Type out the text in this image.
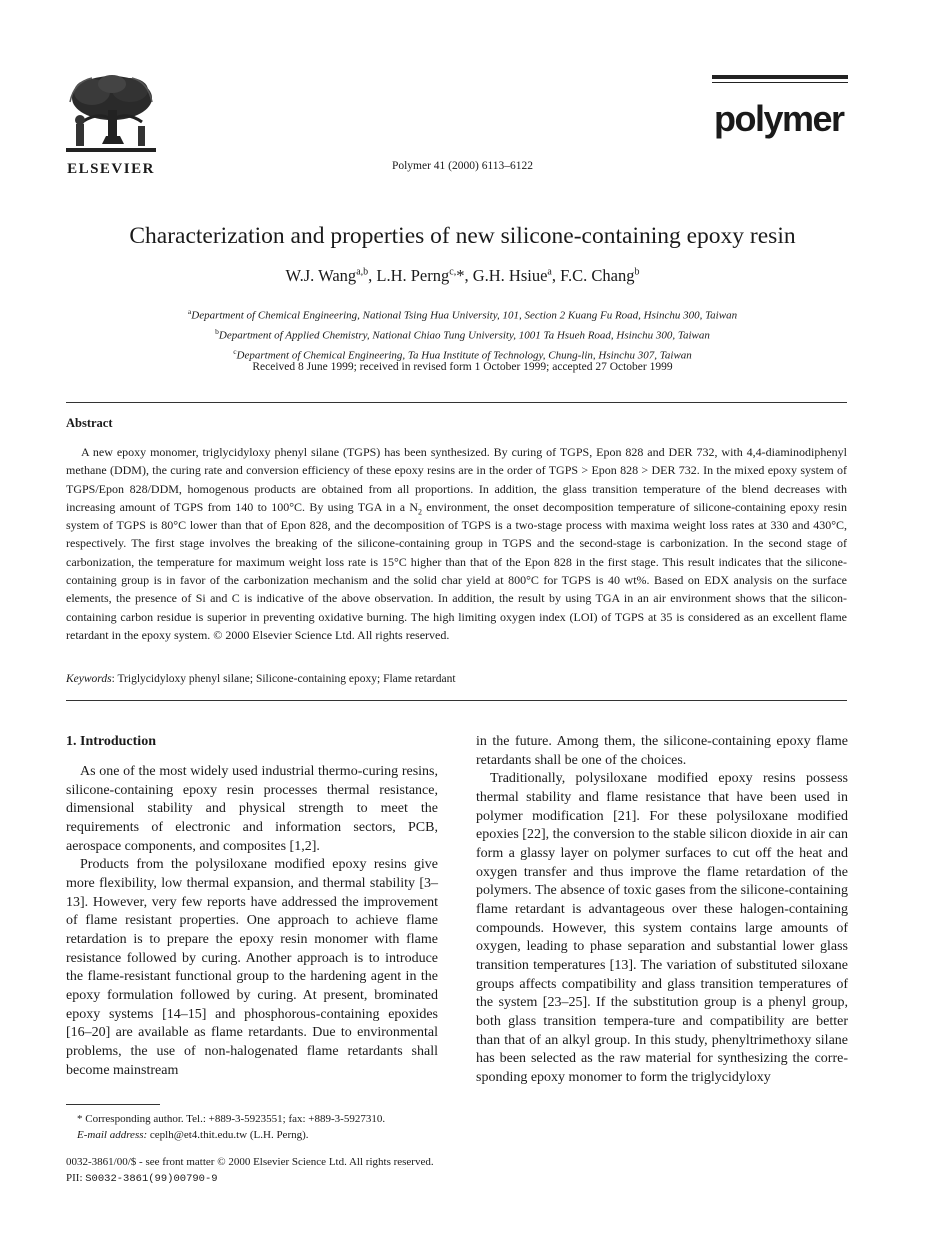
ELSEVIER	Polymer 41 (2000) 6113–6122
polymer
Characterization and properties of new silicone-containing epoxy resin
W.J. Wang$^{a,b}$, L.H. Perng$^{c,}$*, G.H. Hsiue$^a$, F.C. Chang$^b$
$^a$Department of Chemical Engineering, National Tsing Hua University, 101, Section 2 Kuang Fu Road, Hsinchu 300, Taiwan
$^b$Department of Applied Chemistry, National Chiao Tung University, 1001 Ta Hsueh Road, Hsinchu 300, Taiwan
$^c$Department of Chemical Engineering, Ta Hua Institute of Technology, Chung-lin, Hsinchu 307, Taiwan
Received 8 June 1999; received in revised form 1 October 1999; accepted 27 October 1999
Abstract

A new epoxy monomer, triglycidyloxy phenyl silane (TGPS) has been synthesized. By curing of TGPS, Epon 828 and DER 732, with 4,4-diaminodiphenyl methane (DDM), the curing rate and conversion efficiency of these epoxy resins are in the order of TGPS > Epon 828 > DER 732. In the mixed epoxy system of TGPS/Epon 828/DDM, homogenous products are obtained from all proportions. In addition, the glass transition temperature of the blend decreases with increasing amount of TGPS from 140 to 100°C. By using TGA in a $N_2$ environment, the onset decomposition temperature of silicone-containing epoxy resin system of TGPS is 80°C lower than that of Epon 828, and the decomposition of TGPS is a two-stage process with maxima weight loss rates at 330 and 430°C, respectively. The first stage involves the breaking of the silicone-containing group in TGPS and the second-stage is carbonization. In the second stage of carbonization, the temperature for maximum weight loss rate is 15°C higher than that of the Epon 828 in the first stage. This result indicates that the silicone-containing group is in favor of the carbonization mechanism and the solid char yield at 800°C for TGPS is 40 wt%. Based on EDX analysis on the surface elements, the presence of Si and C is indicative of the above observation. In addition, the result by using TGA in an air environment shows that the silicon-containing carbon residue is superior in preventing oxidative burning. The high limiting oxygen index (LOI) of TGPS at 35 is considered as an excellent flame retardant in the epoxy system. © 2000 Elsevier Science Ltd. All rights reserved.

Keywords: Triglycidyloxy phenyl silane; Silicone-containing epoxy; Flame retardant
1. Introduction

As one of the most widely used industrial thermo-curing resins, silicone-containing epoxy resin processes thermal resistance, dimensional stability and physical strength to meet the requirements of electronic and information sectors, PCB, aerospace components, and composites [1,2].

Products from the polysiloxane modified epoxy resins give more flexibility, low thermal expansion, and thermal stability [3–13]. However, very few reports have addressed the improvement of flame resistant properties. One approach to achieve flame retardation is to prepare the epoxy resin monomer with flame resistance followed by curing. Another approach is to introduce the flame-resistant functional group to the hardening agent in the epoxy formulation followed by curing. At present, brominated epoxy systems [14–15] and phosphorous-containing epoxides [16–20] are available as flame retardants. Due to environmental problems, the use of non-halogenated flame retardants shall become mainstream

in the future. Among them, the silicone-containing epoxy flame retardants shall be one of the choices.

Traditionally, polysiloxane modified epoxy resins possess thermal stability and flame resistance that have been used in polymer modification [21]. For these polysiloxane modified epoxies [22], the conversion to the stable silicon dioxide in air can form a glassy layer on polymer surfaces to cut off the heat and oxygen transfer and thus improve the flame retardation of the polymers. The absence of toxic gases from the silicone-containing flame retardant is advantageous over these halogen-containing compounds. However, this system contains large amounts of oxygen, leading to phase separation and substantial lower glass transition temperatures [13]. The variation of substituted siloxane groups affects compatibility and glass transition temperatures of the system [23–25]. If the substitution group is a phenyl group, both glass transition tempera-ture and compatibility are better than that of an alkyl group. In this study, phenyltrimethoxy silane has been selected as the raw material for synthesizing the corre-sponding epoxy monomer to form the triglycidyloxy

* Corresponding author. Tel.: +889-3-5923551; fax: +889-3-5927310.
E-mail address: ceplh@et4.thit.edu.tw (L.H. Perng).
0032-3861/00/$ - see front matter © 2000 Elsevier Science Ltd. All rights reserved.
PII: S0032-3861(99)00790-9
